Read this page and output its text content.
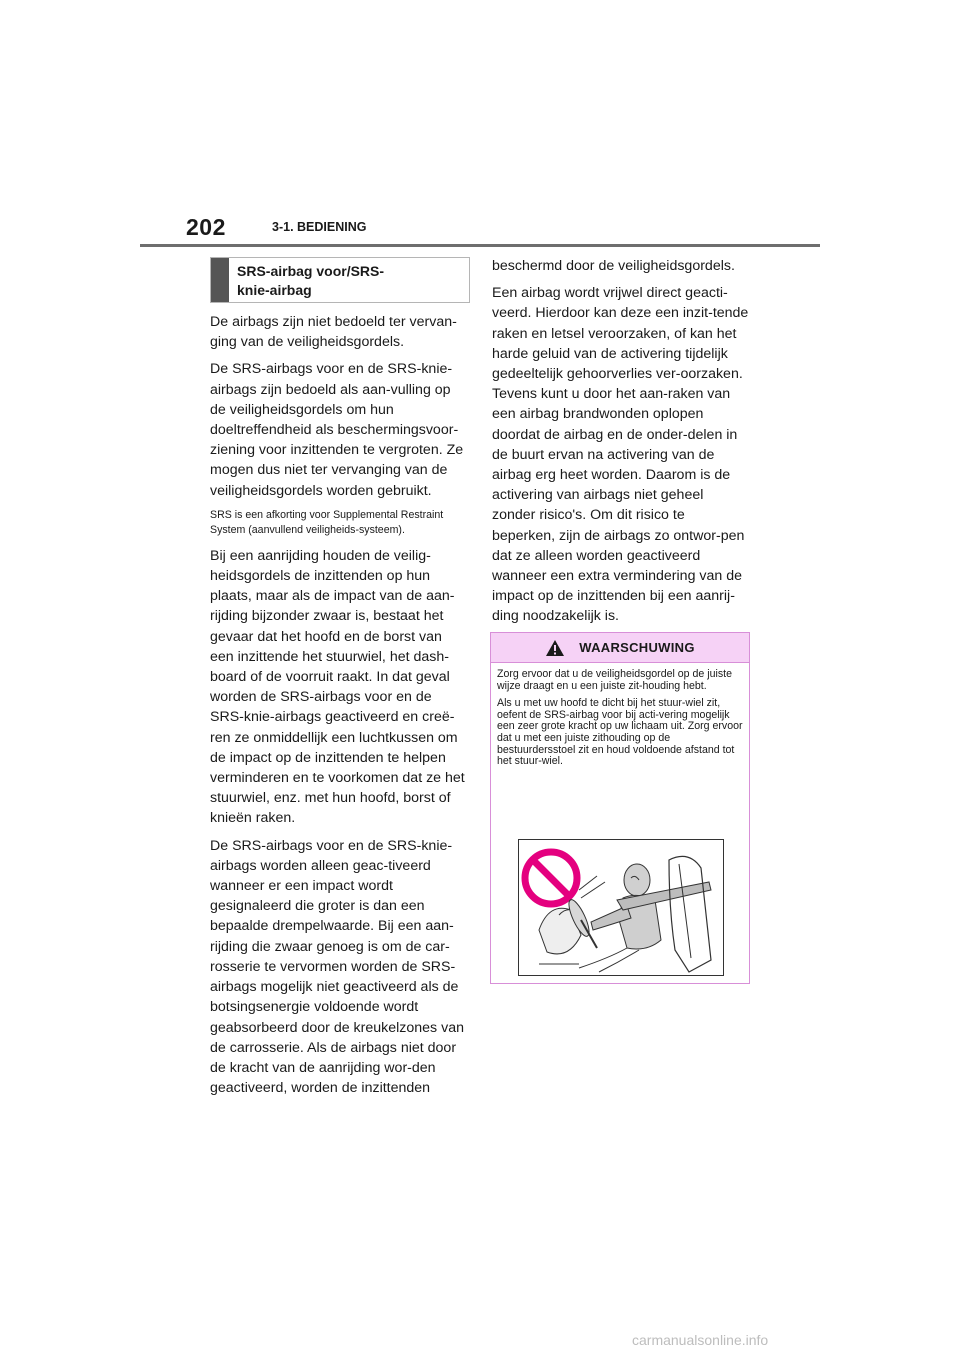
202	3-1. BEDIENING
SRS-airbag voor/SRS-
knie-airbag

De airbags zijn niet bedoeld ter vervan-ging van de veiligheidsgordels.

De SRS-airbags voor en de SRS-knie-airbags zijn bedoeld als aan-vulling op de veiligheidsgordels om hun doeltreffendheid als beschermingsvoor-ziening voor inzittenden te vergroten. Ze mogen dus niet ter vervanging van de veiligheidsgordels worden gebruikt.

SRS is een afkorting voor Supplemental Restraint System (aanvullend veiligheids-systeem).

Bij een aanrijding houden de veilig-heidsgordels de inzittenden op hun plaats, maar als de impact van de aan-rijding bijzonder zwaar is, bestaat het gevaar dat het hoofd en de borst van een inzittende het stuurwiel, het dash-board of de voorruit raakt. In dat geval worden de SRS-airbags voor en de SRS-knie-airbags geactiveerd en creë-ren ze onmiddellijk een luchtkussen om de impact op de inzittenden te helpen verminderen en te voorkomen dat ze het stuurwiel, enz. met hun hoofd, borst of knieën raken.

De SRS-airbags voor en de SRS-knie-airbags worden alleen geac-tiveerd wanneer er een impact wordt gesignaleerd die groter is dan een bepaalde drempelwaarde. Bij een aan-rijding die zwaar genoeg is om de car-rosserie te vervormen worden de SRS-airbags mogelijk niet geactiveerd als de botsingsenergie voldoende wordt geabsorbeerd door de kreukelzones van de carrosserie. Als de airbags niet door de kracht van de aanrijding wor-den geactiveerd, worden de inzittenden

beschermd door de veiligheidsgordels.

Een airbag wordt vrijwel direct geacti-veerd. Hierdoor kan deze een inzit-tende raken en letsel veroorzaken, of kan het harde geluid van de activering tijdelijk gedeeltelijk gehoorverlies ver-oorzaken. Tevens kunt u door het aan-raken van een airbag brandwonden oplopen doordat de airbag en de onder-delen in de buurt ervan na activering van de airbag erg heet worden. Daarom is de activering van airbags niet geheel zonder risico's. Om dit risico te beperken, zijn de airbags zo ontwor-pen dat ze alleen worden geactiveerd wanneer een extra vermindering van de impact op de inzittenden bij een aanrij-ding noodzakelijk is.

WAARSCHUWING

Zorg ervoor dat u de veiligheidsgordel op de juiste wijze draagt en u een juiste zit-houding hebt.

Als u met uw hoofd te dicht bij het stuur-wiel zit, oefent de SRS-airbag voor bij acti-vering mogelijk een zeer grote kracht op uw lichaam uit. Zorg ervoor dat u met een juiste zithouding op de bestuurdersstoel zit en houd voldoende afstand tot het stuur-wiel.

carmanualsonline.info
